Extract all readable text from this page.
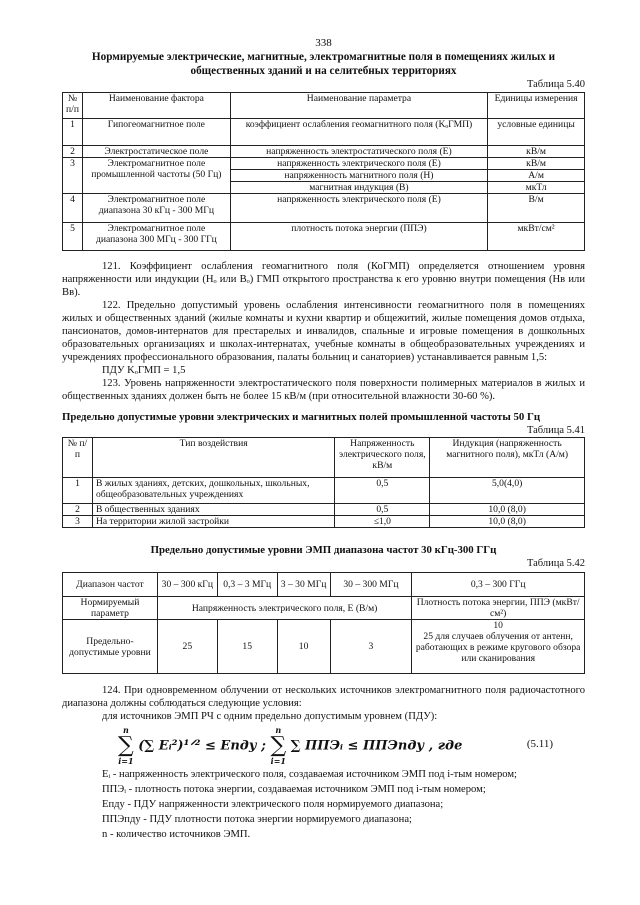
338
Нормируемые электрические, магнитные, электромагнитные поля в помещениях жилых и
общественных зданий и на селитебных территориях
Таблица 5.40
№ п/п	Наименование фактора	Наименование параметра	Единицы измерения
1	Гипогеомагнитное поле	коэффициент ослабления геомагнитного поля (KₒГМП)	условные единицы
2	Электростатическое поле	напряженность электростатического поля (Е)	кВ/м
3	Электромагнитное поле промышленной частоты (50 Гц)	напряженность электрического поля (Е)	кВ/м
		напряженность магнитного поля (Н)	А/м
		магнитная индукция (В)	мкТл
4	Электромагнитное поле диапазона 30 кГц - 300 МГц	напряженность электрического поля (Е)	В/м
5	Электромагнитное поле диапазона 300 МГц - 300 ГГц	плотность потока энергии (ППЭ)	мкВт/см²
121. Коэффициент ослабления геомагнитного поля (КоГМП) определяется отношением уровня напряженности или индукции (Hₒ или Bₒ) ГМП открытого пространства к его уровню внутри помещения (Hв или Bв).
122. Предельно допустимый уровень ослабления интенсивности геомагнитного поля в помещениях жилых и общественных зданий (жилые комнаты и кухни квартир и общежитий, жилые помещения домов отдыха, пансионатов, домов-интернатов для престарелых и инвалидов, спальные и игровые помещения в дошкольных образовательных организациях и школах-интернатах, учебные комнаты в общеобразовательных учреждениях и учреждениях профессионального образования, палаты больниц и санаториев) устанавливается равным 1,5:
ПДУ KₒГМП = 1,5
123. Уровень напряженности электростатического поля поверхности полимерных материалов в жилых и общественных зданиях должен быть не более 15 кВ/м (при относительной влажности 30-60 %).
Предельно допустимые уровни электрических и магнитных полей промышленной частоты 50 Гц
Таблица 5.41
№ п/п	Тип воздействия	Напряженность электрического поля, кВ/м	Индукция (напряженность магнитного поля), мкТл (А/м)
1	В жилых зданиях, детских, дошкольных, школьных, общеобразовательных учреждениях	0,5	5,0(4,0)
2	В общественных зданиях	0,5	10,0 (8,0)
3	На территории жилой застройки	≤1,0	10,0 (8,0)
Предельно допустимые уровни ЭМП диапазона частот 30 кГц-300 ГГц
Таблица 5.42
Диапазон частот	30 – 300 кГц	0,3 – 3 МГц	3 – 30 МГц	30 – 300 МГц	0,3 – 300 ГГц
Нормируемый параметр	Напряженность электрического поля, Е (В/м)				Плотность потока энергии, ППЭ (мкВт/см²)
Предельно-допустимые уровни	25	15	10	3	10
25 для случаев облучения от антенн, работающих в режиме кругового обзора или сканирования
124. При одновременном облучении от нескольких источников электромагнитного поля радиочастотного диапазона должны соблюдаться следующие условия:
для источников ЭМП РЧ с одним предельно допустимым уровнем (ПДУ):
n
∑
i=1 (∑ Eᵢ²)¹ᐟ² ≤ Eпду ; n
∑
i=1 ∑ ППЭᵢ ≤ ППЭпду , где	(5.11)
Eᵢ - напряженность электрического поля, создаваемая источником ЭМП под i-тым номером;
ППЭᵢ - плотность потока энергии, создаваемая источником ЭМП под i-тым номером;
Eпду - ПДУ напряженности электрического поля нормируемого диапазона;
ППЭпду - ПДУ плотности потока энергии нормируемого диапазона;
n - количество источников ЭМП.
